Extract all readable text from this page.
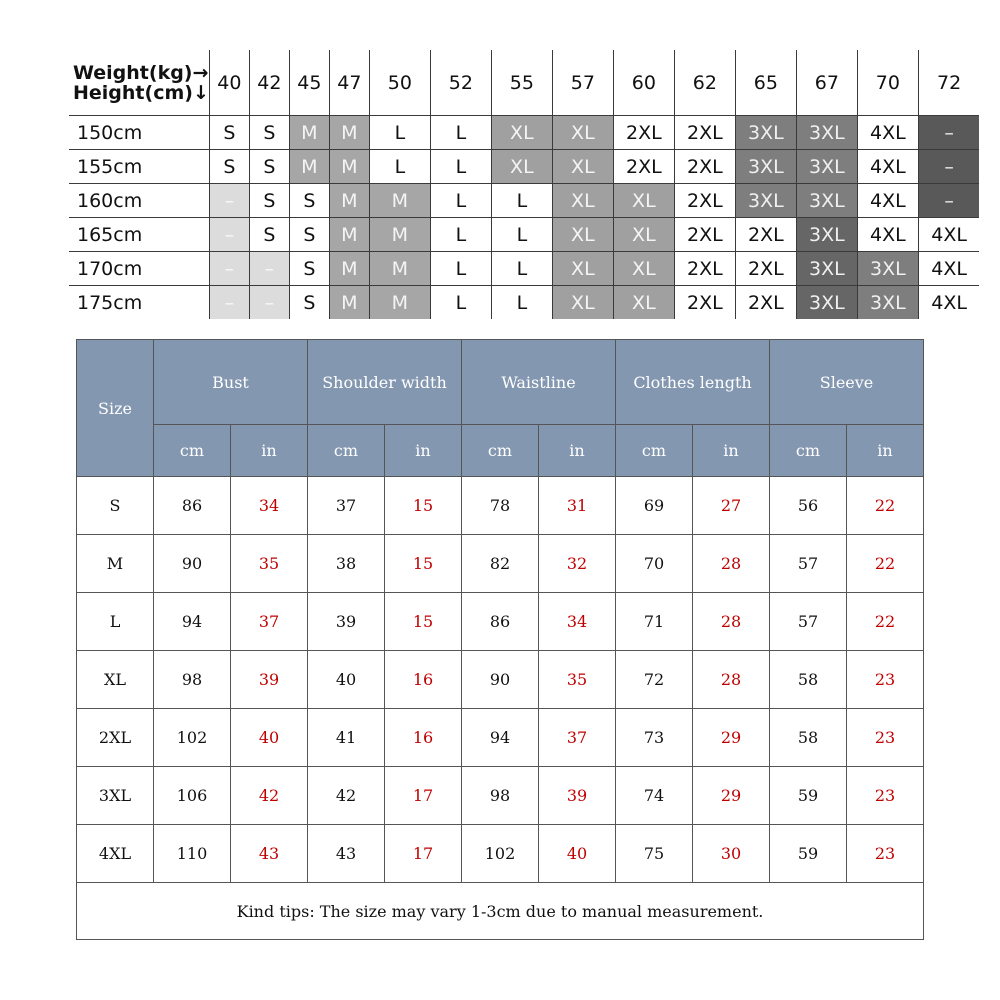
Weight(kg)→
Height(cm)↓	40	42	45	47	50	52	55	57	60	62	65	67	70	72
150cm	S	S	M	M	L	L	XL	XL	2XL	2XL	3XL	3XL	4XL	–
155cm	S	S	M	M	L	L	XL	XL	2XL	2XL	3XL	3XL	4XL	–
160cm	–	S	S	M	M	L	L	XL	XL	2XL	3XL	3XL	4XL	–
165cm	–	S	S	M	M	L	L	XL	XL	2XL	2XL	3XL	4XL	4XL
170cm	–	–	S	M	M	L	L	XL	XL	2XL	2XL	3XL	3XL	4XL
175cm	–	–	S	M	M	L	L	XL	XL	2XL	2XL	3XL	3XL	4XL
Size	Bust		Shoulder width		Waistline		Clothes length		Sleeve	
	cm	in	cm	in	cm	in	cm	in	cm	in
S	86	34	37	15	78	31	69	27	56	22
M	90	35	38	15	82	32	70	28	57	22
L	94	37	39	15	86	34	71	28	57	22
XL	98	39	40	16	90	35	72	28	58	23
2XL	102	40	41	16	94	37	73	29	58	23
3XL	106	42	42	17	98	39	74	29	59	23
4XL	110	43	43	17	102	40	75	30	59	23
Kind tips: The size may vary 1-3cm due to manual measurement.										
